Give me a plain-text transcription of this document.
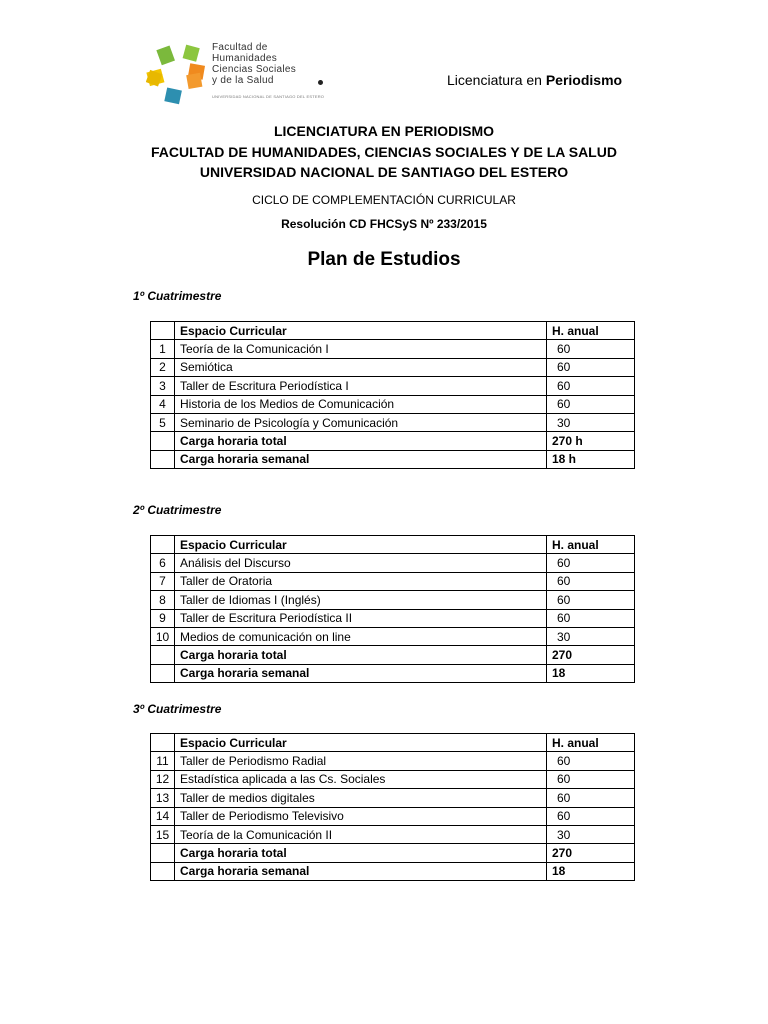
Facultad de
Humanidades
Ciencias Sociales
y de la Salud
UNIVERSIDAD NACIONAL DE SANTIAGO DEL ESTERO
Licenciatura en Periodismo
LICENCIATURA EN PERIODISMO
FACULTAD DE HUMANIDADES, CIENCIAS SOCIALES Y DE LA SALUD
UNIVERSIDAD NACIONAL DE SANTIAGO DEL ESTERO
CICLO DE COMPLEMENTACIÓN CURRICULAR
Resolución CD FHCSyS Nº 233/2015
Plan de Estudios
1º Cuatrimestre
	Espacio Curricular	H. anual
1	Teoría de la Comunicación I	60
2	Semiótica	60
3	Taller de Escritura Periodística I	60
4	Historia de los Medios de Comunicación	60
5	Seminario de Psicología y Comunicación	30
	Carga horaria total	270 h
	Carga horaria semanal	18 h
2º Cuatrimestre
	Espacio Curricular	H. anual
6	Análisis del Discurso	60
7	Taller de Oratoria	60
8	Taller de Idiomas I (Inglés)	60
9	Taller de Escritura Periodística II	60
10	Medios de comunicación on line	30
	Carga horaria total	270
	Carga horaria semanal	18
3º Cuatrimestre
	Espacio Curricular	H. anual
11	Taller de Periodismo Radial	60
12	Estadística aplicada a las Cs. Sociales	60
13	Taller de medios digitales	60
14	Taller de Periodismo Televisivo	60
15	Teoría de la Comunicación II	30
	Carga horaria total	270
	Carga horaria semanal	18
